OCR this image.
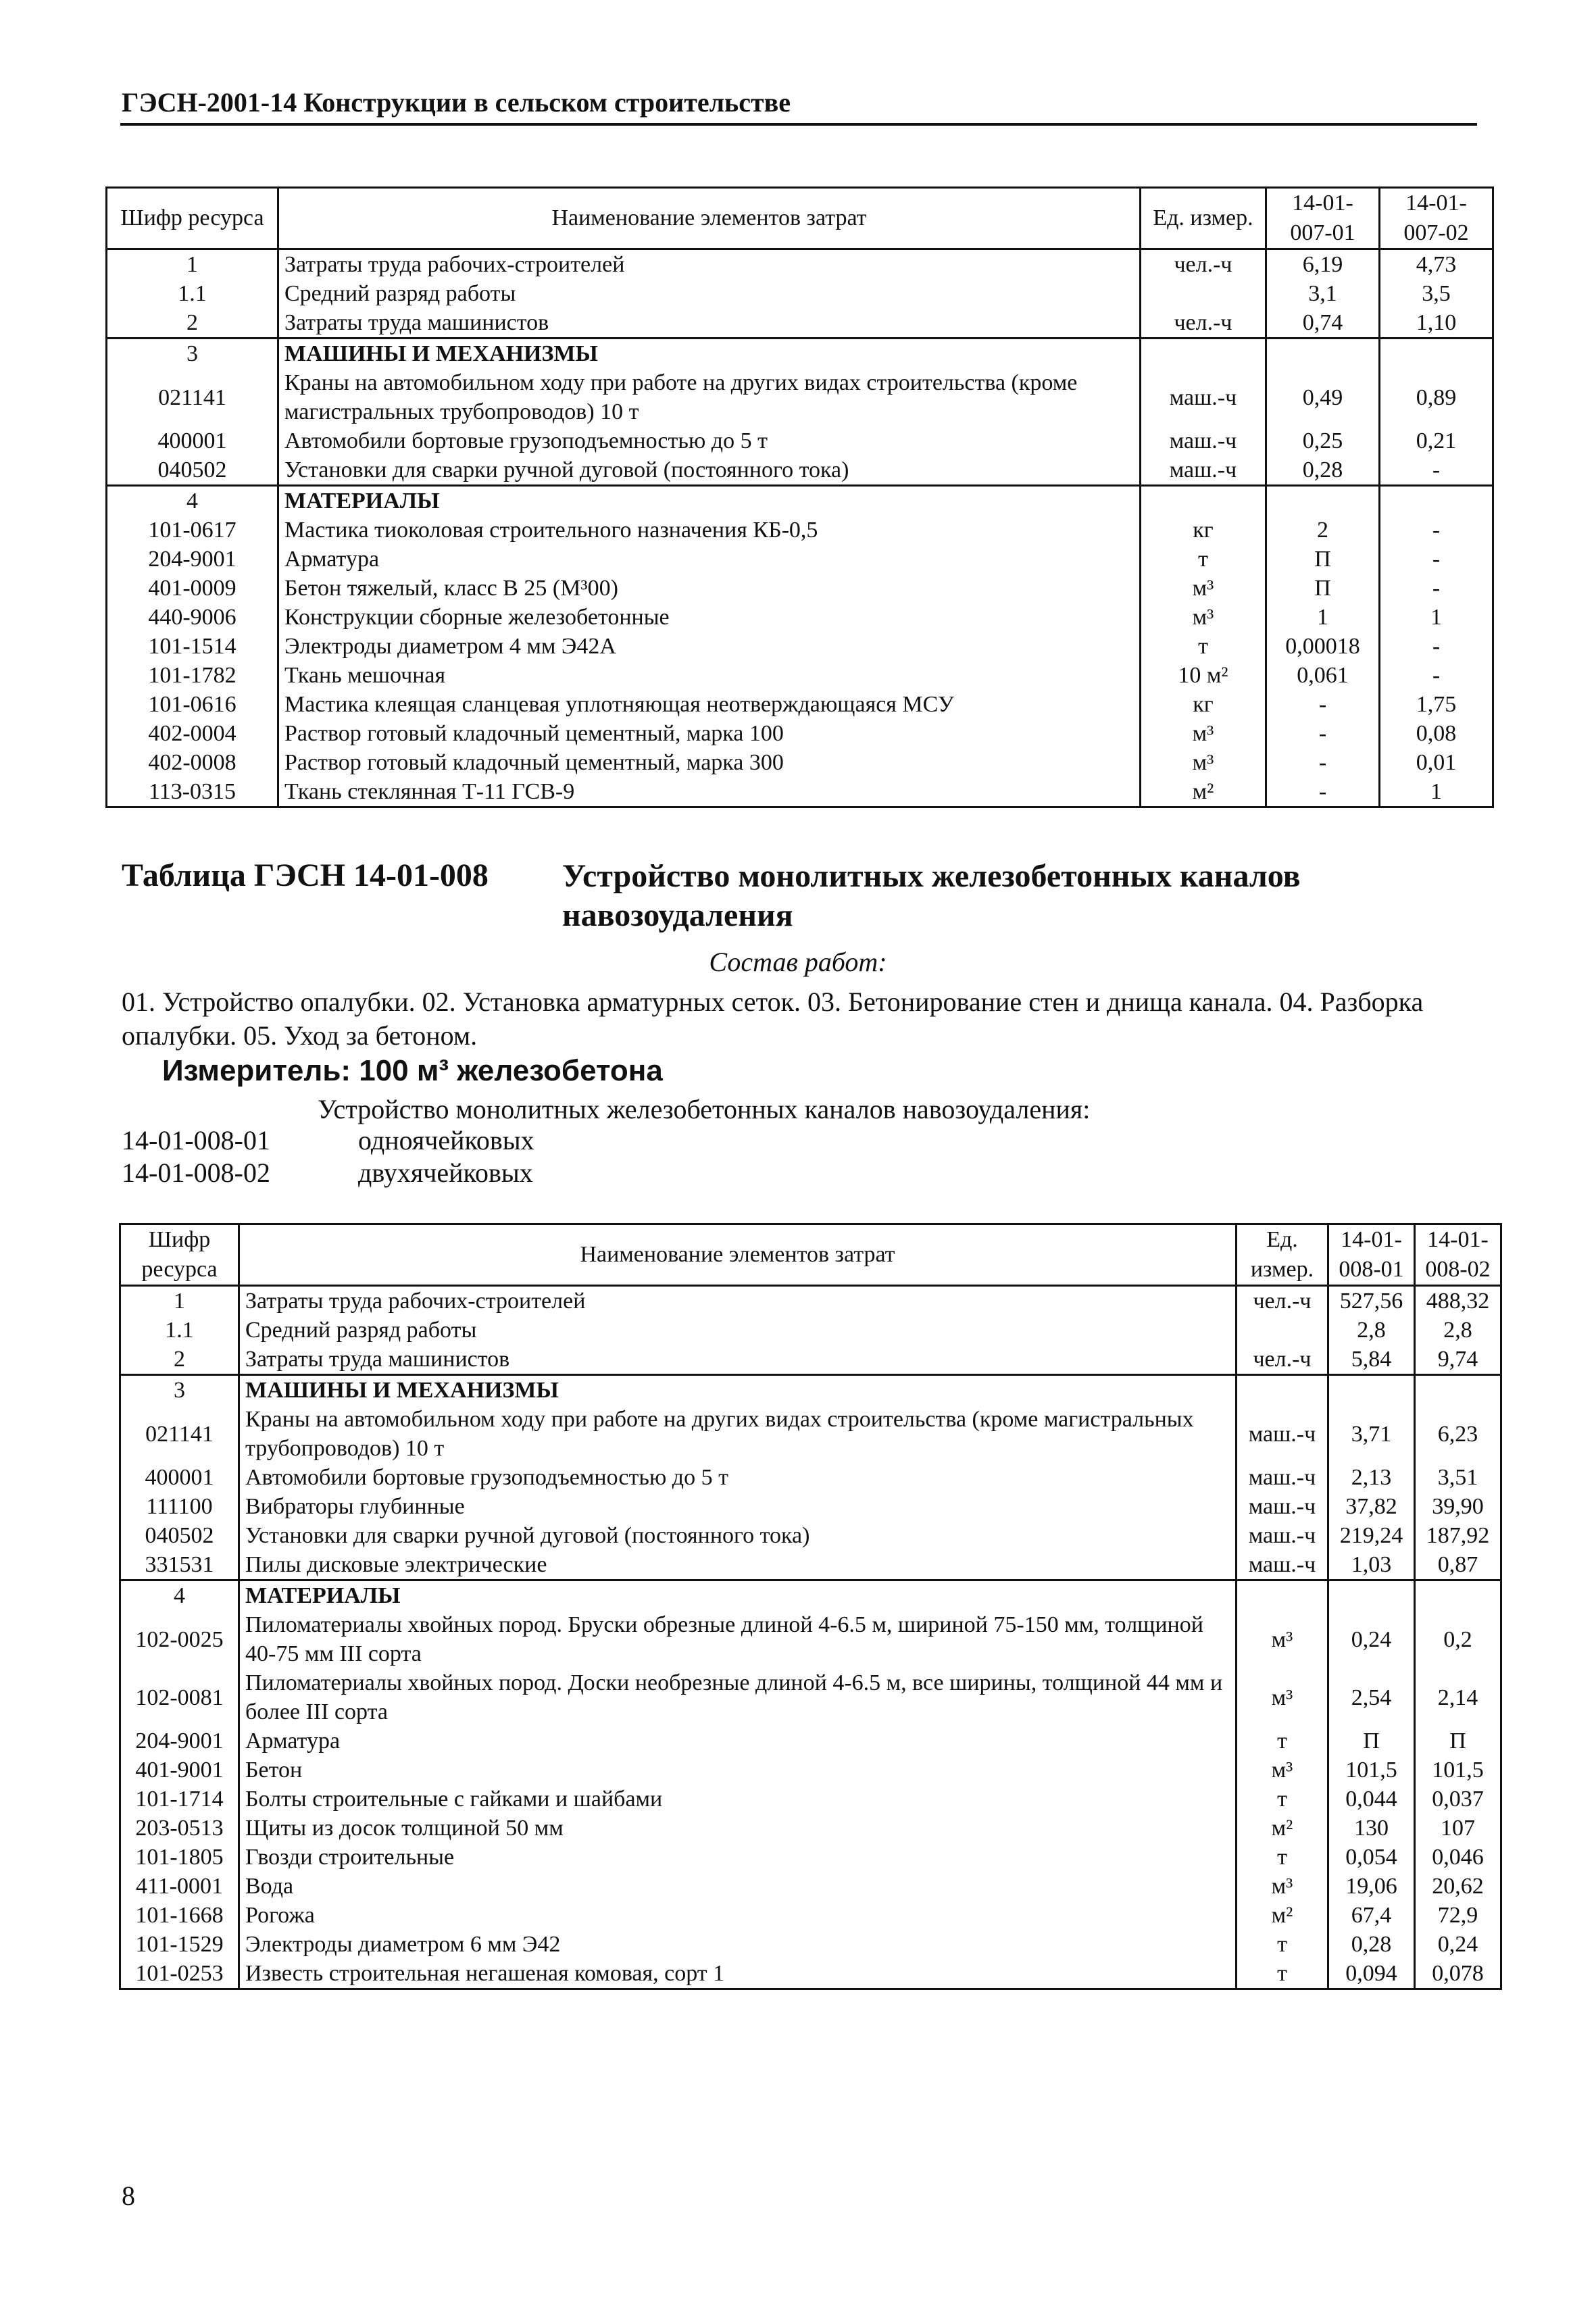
ГЭСН-2001-14 Конструкции в сельском строительстве
Шифр ресурса	Наименование элементов затрат	Ед. измер.	14-01-007-01	14-01-007-02
1	Затраты труда рабочих-строителей	чел.-ч	6,19	4,73
1.1	Средний разряд работы		3,1	3,5
2	Затраты труда машинистов	чел.-ч	0,74	1,10
3	МАШИНЫ И МЕХАНИЗМЫ			
021141	Краны на автомобильном ходу при работе на других видах строительства (кроме магистральных трубопроводов) 10 т	маш.-ч	0,49	0,89
400001	Автомобили бортовые грузоподъемностью до 5 т	маш.-ч	0,25	0,21
040502	Установки для сварки ручной дуговой (постоянного тока)	маш.-ч	0,28	-
4	МАТЕРИАЛЫ			
101-0617	Мастика тиоколовая строительного назначения КБ-0,5	кг	2	-
204-9001	Арматура	т	П	-
401-0009	Бетон тяжелый, класс В 25 (М³00)	м³	П	-
440-9006	Конструкции сборные железобетонные	м³	1	1
101-1514	Электроды диаметром 4 мм Э42А	т	0,00018	-
101-1782	Ткань мешочная	10 м²	0,061	-
101-0616	Мастика клеящая сланцевая уплотняющая неотверждающаяся МСУ	кг	-	1,75
402-0004	Раствор готовый кладочный цементный, марка 100	м³	-	0,08
402-0008	Раствор готовый кладочный цементный, марка 300	м³	-	0,01
113-0315	Ткань стеклянная Т-11 ГСВ-9	м²	-	1
Таблица ГЭСН 14-01-008 Устройство монолитных железобетонных каналов навозоудаления
Состав работ:
01. Устройство опалубки. 02. Установка арматурных сеток. 03. Бетонирование стен и днища канала. 04. Разборка опалубки. 05. Уход за бетоном.
Измеритель: 100 м³ железобетона
Устройство монолитных железобетонных каналов навозоудаления:
14-01-008-01	одноячейковых
14-01-008-02	двухячейковых
Шифр ресурса	Наименование элементов затрат	Ед. измер.	14-01-008-01	14-01-008-02
1	Затраты труда рабочих-строителей	чел.-ч	527,56	488,32
1.1	Средний разряд работы		2,8	2,8
2	Затраты труда машинистов	чел.-ч	5,84	9,74
3	МАШИНЫ И МЕХАНИЗМЫ			
021141	Краны на автомобильном ходу при работе на других видах строительства (кроме магистральных трубопроводов) 10 т	маш.-ч	3,71	6,23
400001	Автомобили бортовые грузоподъемностью до 5 т	маш.-ч	2,13	3,51
111100	Вибраторы глубинные	маш.-ч	37,82	39,90
040502	Установки для сварки ручной дуговой (постоянного тока)	маш.-ч	219,24	187,92
331531	Пилы дисковые электрические	маш.-ч	1,03	0,87
4	МАТЕРИАЛЫ			
102-0025	Пиломатериалы хвойных пород. Бруски обрезные длиной 4-6.5 м, шириной 75-150 мм, толщиной 40-75 мм III сорта	м³	0,24	0,2
102-0081	Пиломатериалы хвойных пород. Доски необрезные длиной 4-6.5 м, все ширины, толщиной 44 мм и более III сорта	м³	2,54	2,14
204-9001	Арматура	т	П	П
401-9001	Бетон	м³	101,5	101,5
101-1714	Болты строительные с гайками и шайбами	т	0,044	0,037
203-0513	Щиты из досок толщиной 50 мм	м²	130	107
101-1805	Гвозди строительные	т	0,054	0,046
411-0001	Вода	м³	19,06	20,62
101-1668	Рогожа	м²	67,4	72,9
101-1529	Электроды диаметром 6 мм Э42	т	0,28	0,24
101-0253	Известь строительная негашеная комовая, сорт 1	т	0,094	0,078
8
